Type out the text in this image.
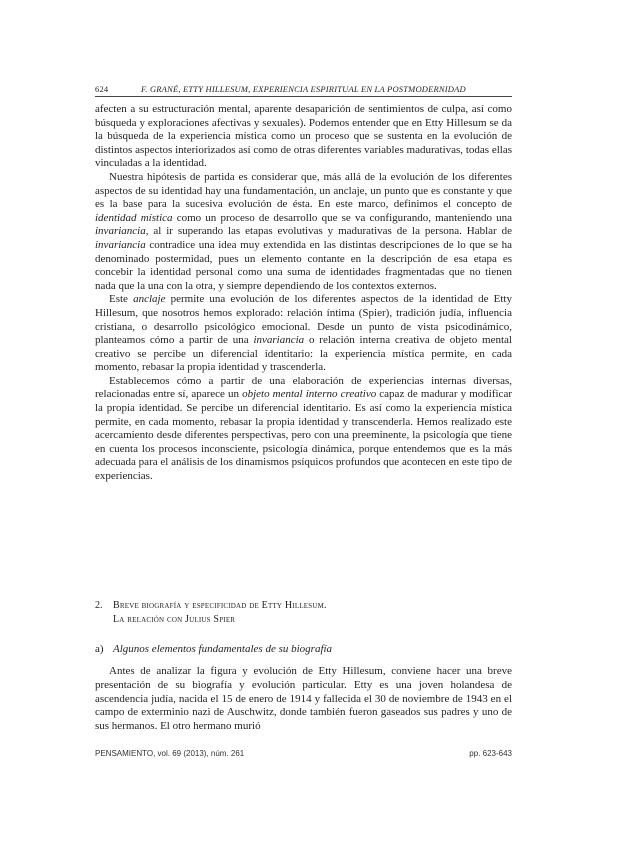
624	F. GRANÉ, ETTY HILLESUM, EXPERIENCIA ESPIRITUAL EN LA POSTMODERNIDAD

afecten a su estructuración mental, aparente desaparición de sentimientos de culpa, así como búsqueda y exploraciones afectivas y sexuales). Podemos entender que en Etty Hillesum se da la búsqueda de la experiencia mística como un proceso que se sustenta en la evolución de distintos aspectos interiorizados así como de otras diferentes variables madurativas, todas ellas vinculadas a la identidad.

Nuestra hipótesis de partida es considerar que, más allá de la evolución de los diferentes aspectos de su identidad hay una fundamentación, un anclaje, un punto que es constante y que es la base para la sucesiva evolución de ésta. En este marco, definimos el concepto de identidad mística como un proceso de desarrollo que se va configurando, manteniendo una invariancia, al ir superando las etapas evolutivas y madurativas de la persona. Hablar de invariancia contradice una idea muy extendida en las distintas descripciones de lo que se ha denominado postermidad, pues un elemento contante en la descripción de esa etapa es concebir la identidad personal como una suma de identidades fragmentadas que no tienen nada que la una con la otra, y siempre dependiendo de los contextos externos.

Este anclaje permite una evolución de los diferentes aspectos de la identidad de Etty Hillesum, que nosotros hemos explorado: relación íntima (Spier), tradición judía, influencia cristiana, o desarrollo psicológico emocional. Desde un punto de vista psicodinámico, planteamos cómo a partir de una invariancia o relación interna creativa de objeto mental creativo se percibe un diferencial identitario: la experiencia mística permite, en cada momento, rebasar la propia identidad y trascenderla.

Establecemos cómo a partir de una elaboración de experiencias internas diversas, relacionadas entre sí, aparece un objeto mental interno creativo capaz de madurar y modificar la propia identidad. Se percibe un diferencial identitario. Es así como la experiencia mística permite, en cada momento, rebasar la propia identidad y transcenderla. Hemos realizado este acercamiento desde diferentes perspectivas, pero con una preeminente, la psicología que tiene en cuenta los procesos inconsciente, psicología dinámica, porque entendemos que es la más adecuada para el análisis de los dinamismos psíquicos profundos que acontecen en este tipo de experiencias.

2. Breve biografía y especificidad de Etty Hillesum.
La relación con Julius Spier
a) Algunos elementos fundamentales de su biografía

Antes de analizar la figura y evolución de Etty Hillesum, conviene hacer una breve presentación de su biografía y evolución particular. Etty es una joven holandesa de ascendencia judía, nacida el 15 de enero de 1914 y fallecida el 30 de noviembre de 1943 en el campo de exterminio nazi de Auschwitz, donde también fueron gaseados sus padres y uno de sus hermanos. El otro hermano murió

PENSAMIENTO, vol. 69 (2013), núm. 261	pp. 623-643
